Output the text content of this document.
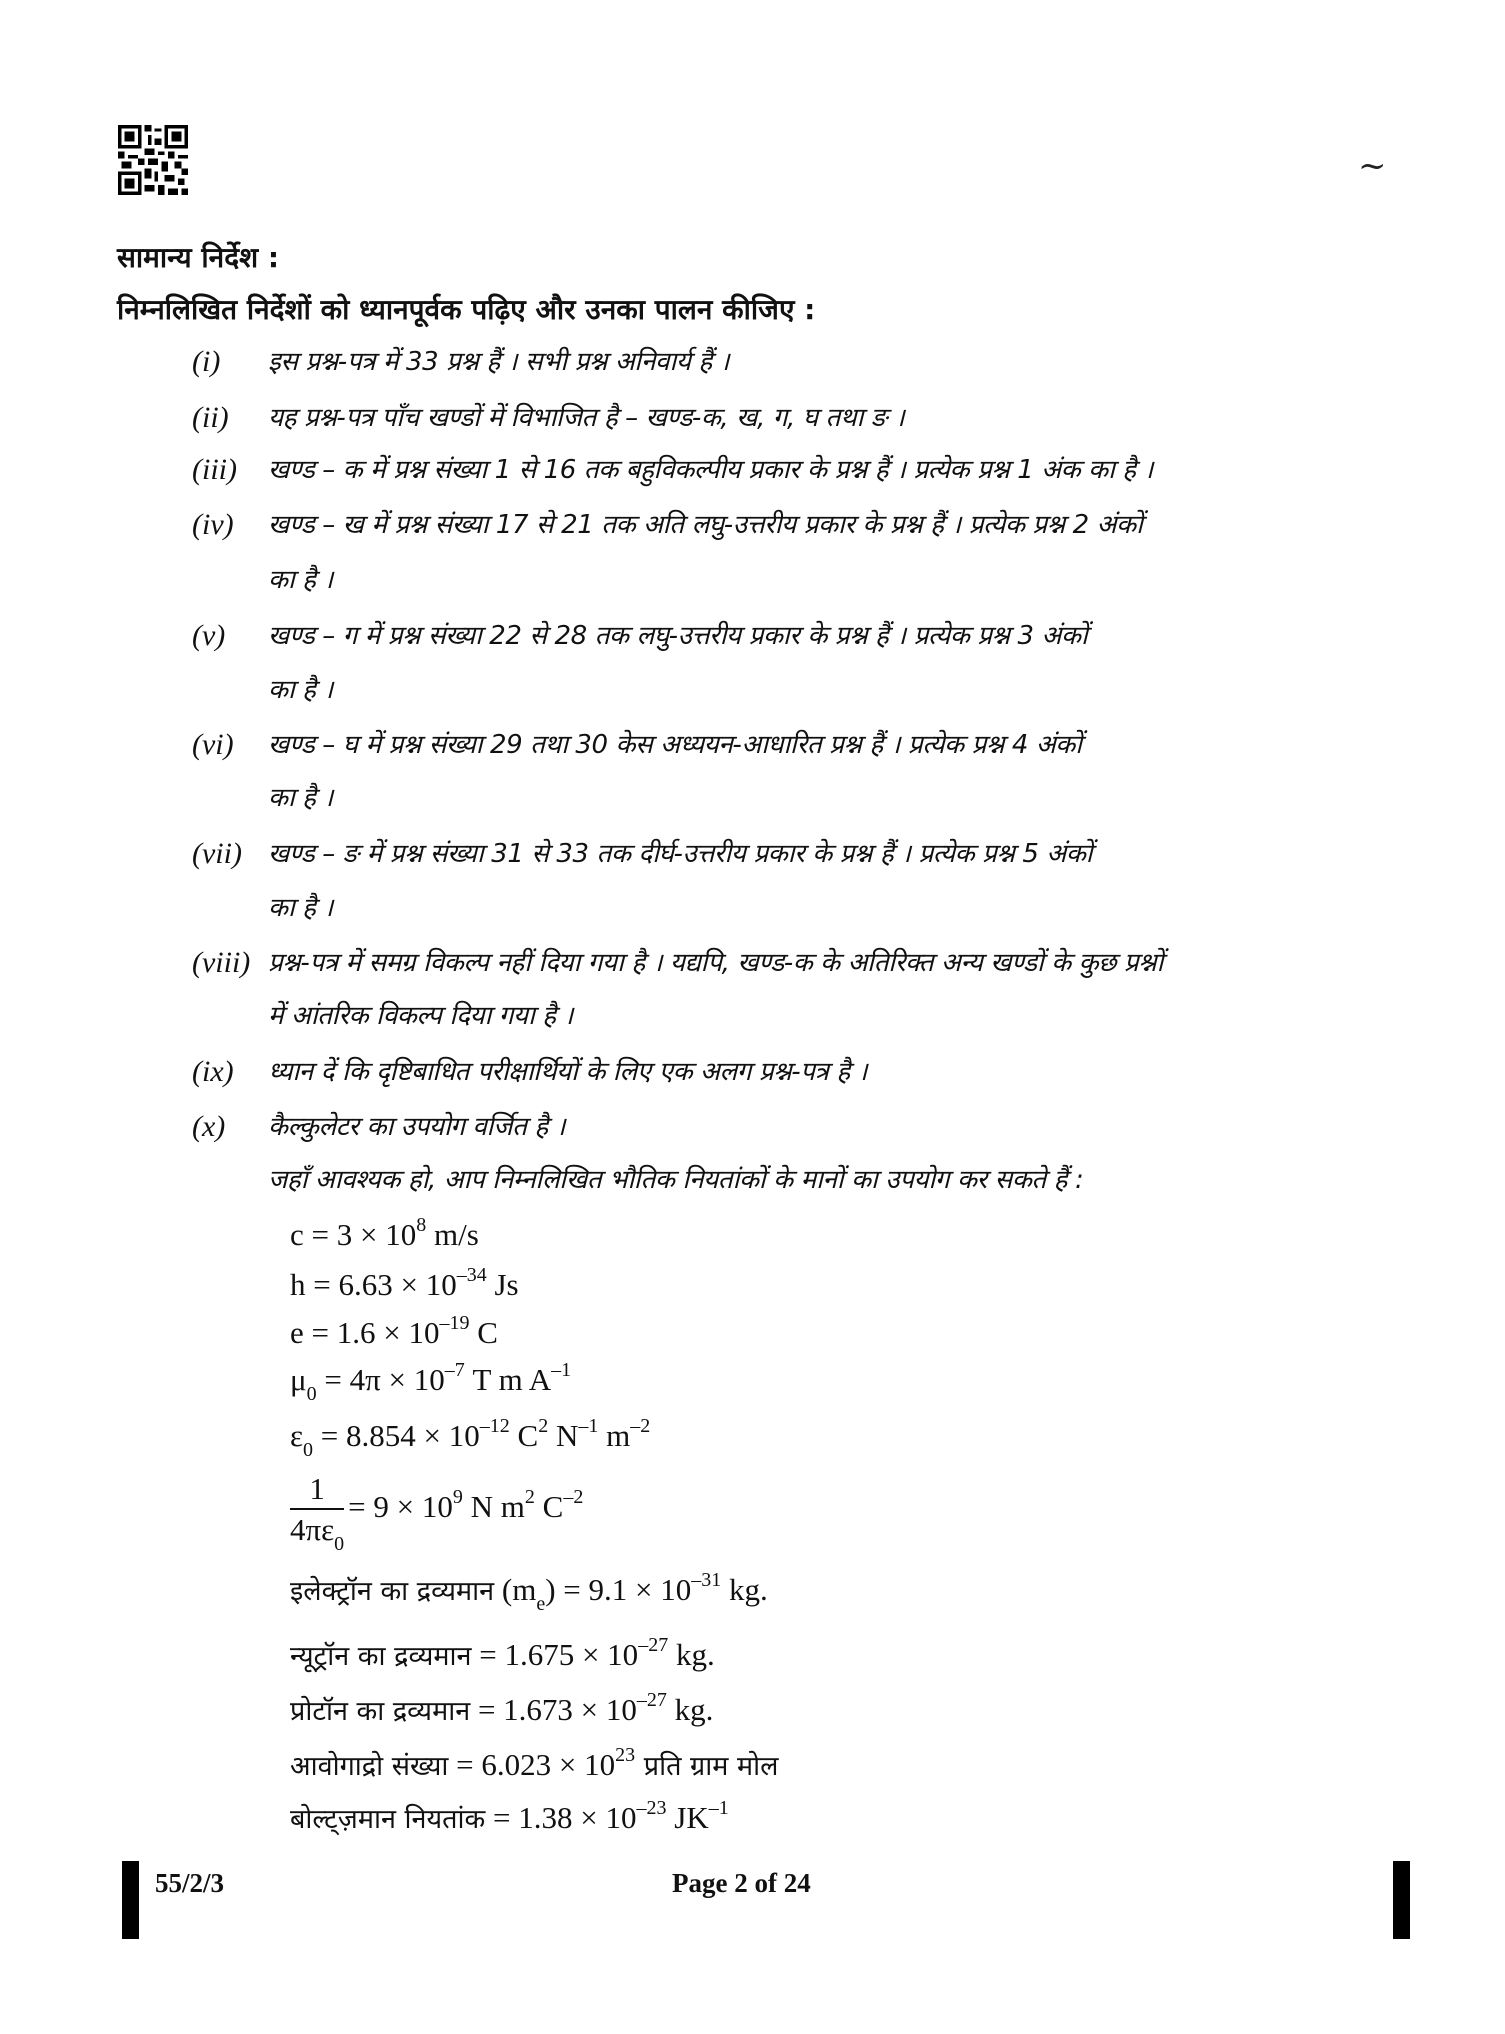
~
सामान्य निर्देश :
निम्नलिखित निर्देशों को ध्यानपूर्वक पढ़िए और उनका पालन कीजिए :
(i) इस प्रश्न-पत्र में 33 प्रश्न हैं । सभी प्रश्न अनिवार्य हैं ।
(ii) यह प्रश्न-पत्र पाँच खण्डों में विभाजित है – खण्ड-क, ख, ग, घ तथा ङ ।
(iii) खण्ड – क में प्रश्न संख्या 1 से 16 तक बहुविकल्पीय प्रकार के प्रश्न हैं । प्रत्येक प्रश्न 1 अंक का है ।
(iv) खण्ड – ख में प्रश्न संख्या 17 से 21 तक अति लघु-उत्तरीय प्रकार के प्रश्न हैं । प्रत्येक प्रश्न 2 अंकों
का है ।
(v) खण्ड – ग में प्रश्न संख्या 22 से 28 तक लघु-उत्तरीय प्रकार के प्रश्न हैं । प्रत्येक प्रश्न 3 अंकों
का है ।
(vi) खण्ड – घ में प्रश्न संख्या 29 तथा 30 केस अध्ययन-आधारित प्रश्न हैं । प्रत्येक प्रश्न 4 अंकों
का है ।
(vii) खण्ड – ङ में प्रश्न संख्या 31 से 33 तक दीर्घ-उत्तरीय प्रकार के प्रश्न हैं । प्रत्येक प्रश्न 5 अंकों
का है ।
(viii) प्रश्न-पत्र में समग्र विकल्प नहीं दिया गया है । यद्यपि, खण्ड-क के अतिरिक्त अन्य खण्डों के कुछ प्रश्नों
में आंतरिक विकल्प दिया गया है ।
(ix) ध्यान दें कि दृष्टिबाधित परीक्षार्थियों के लिए एक अलग प्रश्न-पत्र है ।
(x) कैल्कुलेटर का उपयोग वर्जित है ।
जहाँ आवश्यक हो, आप निम्नलिखित भौतिक नियतांकों के मानों का उपयोग कर सकते हैं :
$c = 3 \times 10^8$ m/s
$h = 6.63 \times 10^{-34}$ Js
$e = 1.6 \times 10^{-19}$ C
$\mu_0 = 4\pi \times 10^{-7}$ T m $A^{-1}$
$\varepsilon_0 = 8.854 \times 10^{-12}$ $C^2$ $N^{-1}$ $m^{-2}$
$\frac{1}{4\pi\varepsilon_0} = 9 \times 10^9$ N $m^2$ $C^{-2}$
इलेक्ट्रॉन का द्रव्यमान $(m_e) = 9.1 \times 10^{-31}$ kg.
न्यूट्रॉन का द्रव्यमान = $1.675 \times 10^{-27}$ kg.
प्रोटॉन का द्रव्यमान = $1.673 \times 10^{-27}$ kg.
आवोगाद्रो संख्या = $6.023 \times 10^{23}$ प्रति ग्राम मोल
बोल्ट्ज़मान नियतांक = $1.38 \times 10^{-23}$ $JK^{-1}$
55/2/3	Page 2 of 24
